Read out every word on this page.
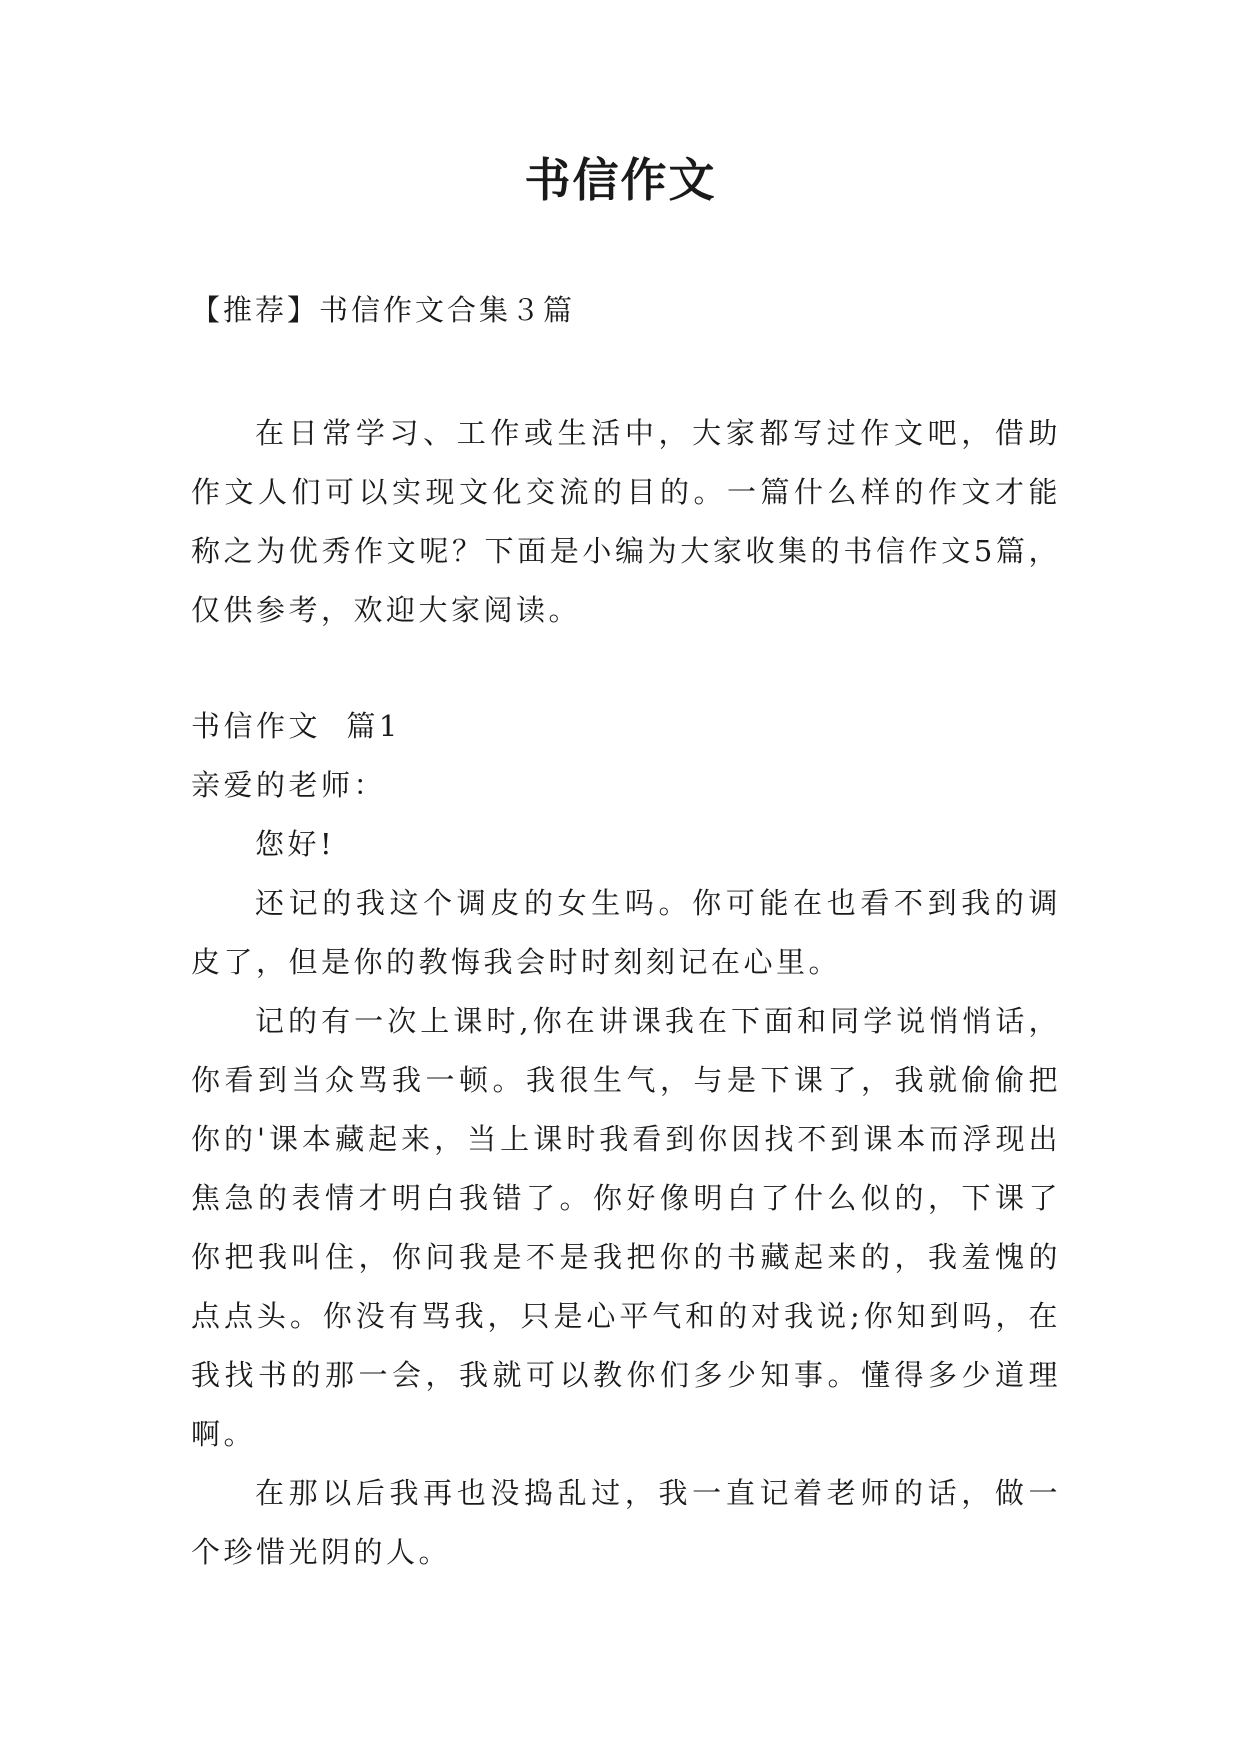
书信作文
【推荐】书信作文合集３篇

在日常学习、工作或生活中，大家都写过作文吧，借助作文人们可以实现文化交流的目的。一篇什么样的作文才能称之为优秀作文呢？下面是小编为大家收集的书信作文5篇，仅供参考，欢迎大家阅读。

书信作文  篇1

亲爱的老师：

您好!

还记的我这个调皮的女生吗。你可能在也看不到我的调皮了，但是你的教悔我会时时刻刻记在心里。

记的有一次上课时,你在讲课我在下面和同学说悄悄话，你看到当众骂我一顿。我很生气，与是下课了，我就偷偷把你的'课本藏起来，当上课时我看到你因找不到课本而浮现出焦急的表情才明白我错了。你好像明白了什么似的，下课了你把我叫住，你问我是不是我把你的书藏起来的，我羞愧的点点头。你没有骂我，只是心平气和的对我说;你知到吗，在我找书的那一会，我就可以教你们多少知事。懂得多少道理啊。

在那以后我再也没捣乱过，我一直记着老师的话，做一个珍惜光阴的人。
